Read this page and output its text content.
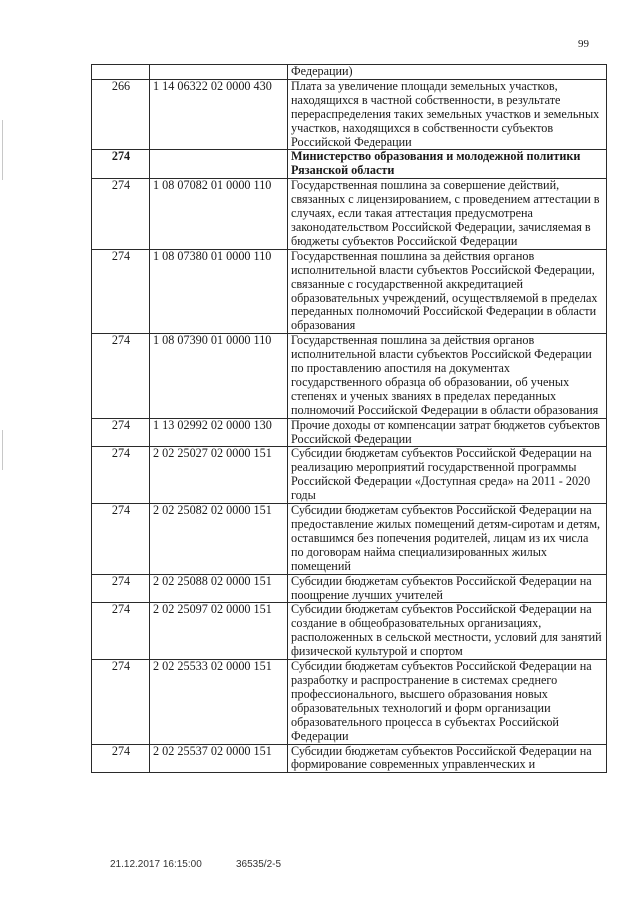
99
		Федерации)
266	1 14 06322 02 0000 430	Плата за увеличение площади земельных участков, находящихся в частной собственности, в результате перераспределения таких земельных участков и земельных участков, находящихся в собственности субъектов Российской Федерации
274		Министерство образования и молодежной политики Рязанской области
274	1 08 07082 01 0000 110	Государственная пошлина за совершение действий, связанных с лицензированием, с проведением аттестации в случаях, если такая аттестация предусмотрена законодательством Российской Федерации, зачисляемая в бюджеты субъектов Российской Федерации
274	1 08 07380 01 0000 110	Государственная пошлина за действия органов исполнительной власти субъектов Российской Федерации, связанные с государственной аккредитацией образовательных учреждений, осуществляемой в пределах переданных полномочий Российской Федерации в области образования
274	1 08 07390 01 0000 110	Государственная пошлина за действия органов исполнительной власти субъектов Российской Федерации по проставлению апостиля на документах государственного образца об образовании, об ученых степенях и ученых званиях в пределах переданных полномочий Российской Федерации в области образования
274	1 13 02992 02 0000 130	Прочие доходы от компенсации затрат бюджетов субъектов Российской Федерации
274	2 02 25027 02 0000 151	Субсидии бюджетам субъектов Российской Федерации на реализацию мероприятий государственной программы Российской Федерации «Доступная среда» на 2011 - 2020 годы
274	2 02 25082 02 0000 151	Субсидии бюджетам субъектов Российской Федерации на предоставление жилых помещений детям-сиротам и детям, оставшимся без попечения родителей, лицам из их числа по договорам найма специализированных жилых помещений
274	2 02 25088 02 0000 151	Субсидии бюджетам субъектов Российской Федерации на поощрение лучших учителей
274	2 02 25097 02 0000 151	Субсидии бюджетам субъектов Российской Федерации на создание в общеобразовательных организациях, расположенных в сельской местности, условий для занятий физической культурой и спортом
274	2 02 25533 02 0000 151	Субсидии бюджетам субъектов Российской Федерации на разработку и распространение в системах среднего профессионального, высшего образования новых образовательных технологий и форм организации образовательного процесса в субъектах Российской Федерации
274	2 02 25537 02 0000 151	Субсидии бюджетам субъектов Российской Федерации на формирование современных управленческих и
21.12.2017 16:15:00	36535/2-5
